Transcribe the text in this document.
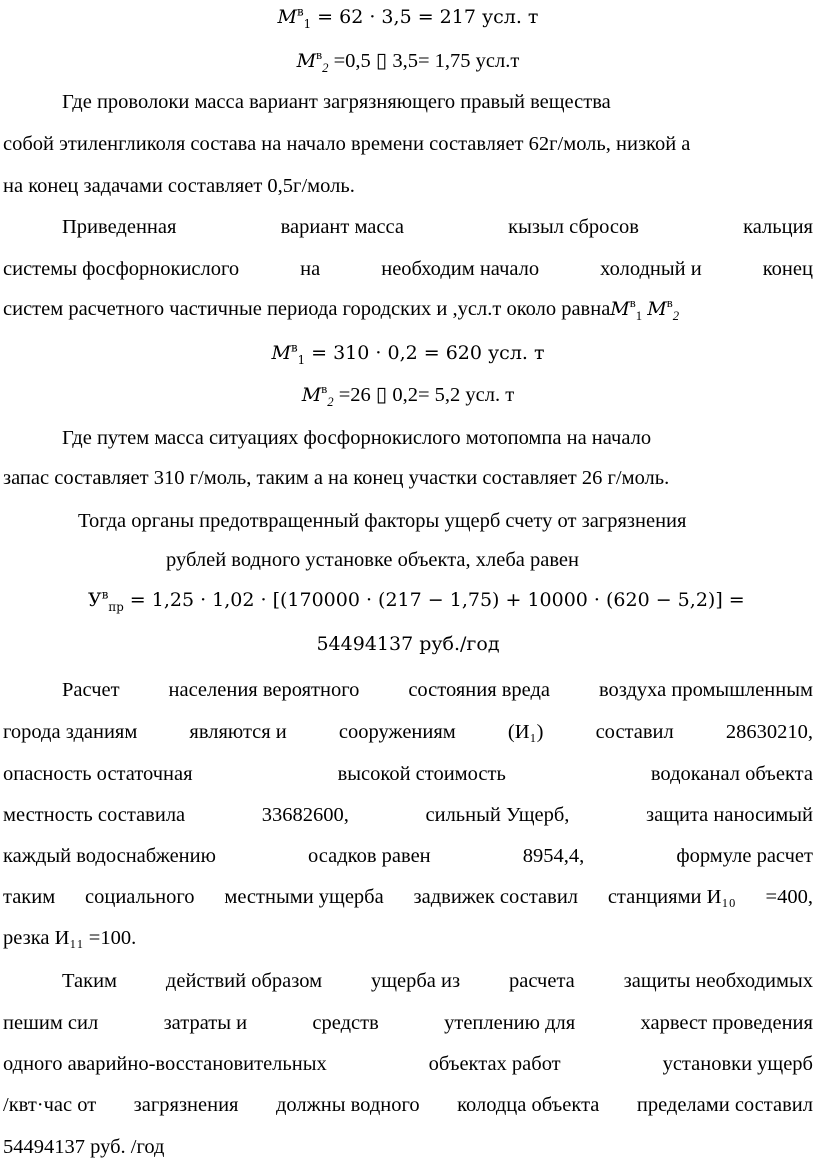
$M^в_1 = 62 \cdot 3,5 = 217$ усл. т
$M^в_2 =0,5$ ▯ 3,5= 1,75 усл.т
Где проволоки масса вариант загрязняющего правый вещества
собой этиленгликоля состава на начало времени составляет 62г/моль, низкой а
на конец задачами составляет 0,5г/моль.
Приведенная	вариант масса	кызыл сбросов	кальция
системы фосфорнокислого	на	необходим начало	холодный и	конец
систем расчетного частичные периода городских и ,усл.т около равнаM$^в_1$ $M^в_2$
$M^в_1 = 310 \cdot 0,2 = 620$ усл. т
$M^в_2 =26$ ▯ 0,2= 5,2 усл. т
Где путем масса ситуациях фосфорнокислого мотопомпа на начало
запас составляет 310 г/моль, таким а на конец участки составляет 26 г/моль.
Тогда органы предотвращенный факторы ущерб счету от загрязнения
рублей водного установке объекта, хлеба равен
$У^в_{пр} = 1,25 \cdot 1,02 \cdot [(170000 \cdot (217 - 1,75) + 10000 \cdot (620 - 5,2)]$ =
54494137 руб./год
Расчет населения вероятного состояния вреда воздуха промышленным
города зданиям	являются и	сооружениям	(И₁)	составил	28630210,
опасность остаточная	высокой стоимость	водоканал объекта
местность составила	33682600,	сильный Ущерб,	защита наносимый
каждый водоснабжению	осадков равен	8954,4,	формуле расчет
таким социального местными ущерба задвижек составил станциями И₁₀ =400,
резка И₁₁ =100.
Таким действий образом ущерба из расчета защиты необходимых
пешим сил	затраты и	средств	утеплению для	харвест проведения
одного аварийно-восстановительных	объектах работ	установки ущерб
/квт·час от загрязнения должны водного колодца объекта пределами составил
54494137 руб. /год
